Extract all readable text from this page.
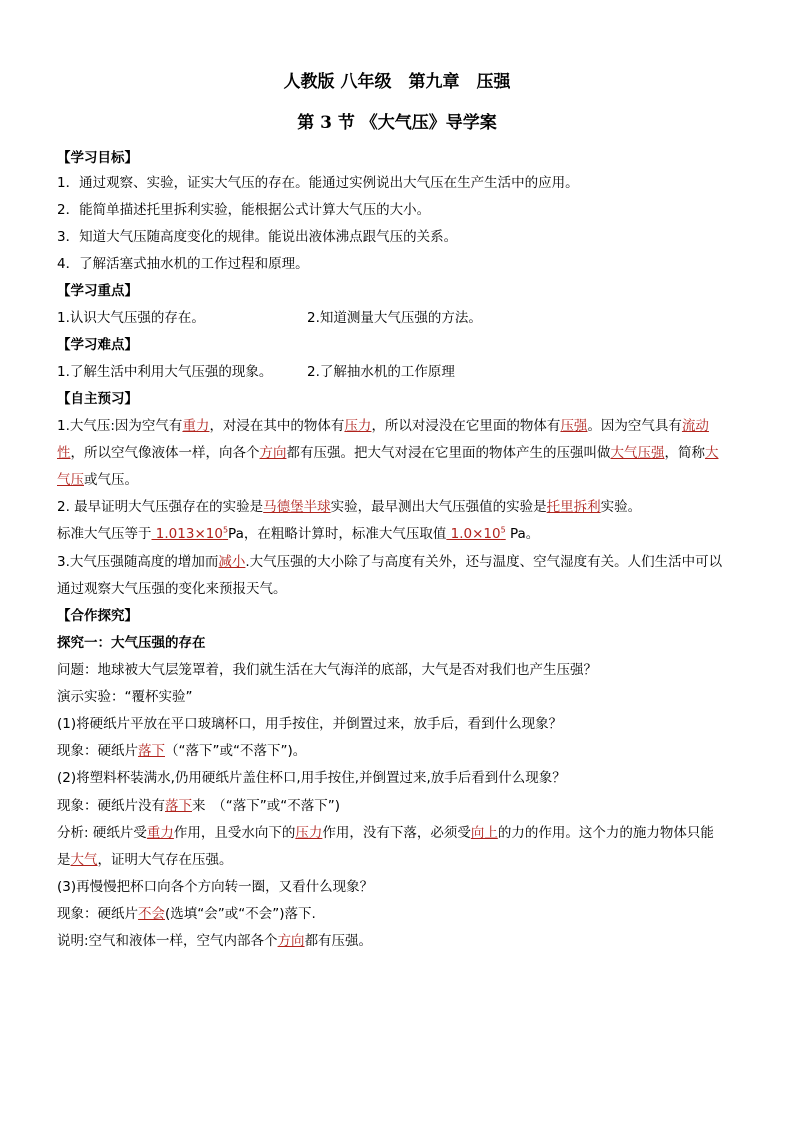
人教版 八年级　第九章　压强
第 3 节 《大气压》导学案
【学习目标】
1．通过观察、实验，证实大气压的存在。能通过实例说出大气压在生产生活中的应用。
2．能简单描述托里拆利实验，能根据公式计算大气压的大小。
3．知道大气压随高度变化的规律。能说出液体沸点跟气压的关系。
4．了解活塞式抽水机的工作过程和原理。
【学习重点】
1.认识大气压强的存在。	2.知道测量大气压强的方法。
【学习难点】
1.了解生活中利用大气压强的现象。	2.了解抽水机的工作原理
【自主预习】
1.大气压:因为空气有重力，对浸在其中的物体有压力，所以对浸没在它里面的物体有压强。因为空气具有流动
性，所以空气像液体一样，向各个方向都有压强。把大气对浸在它里面的物体产生的压强叫做大气压强，简称大
气压或气压。
2. 最早证明大气压强存在的实验是马德堡半球实验，最早测出大气压强值的实验是托里拆利实验。
标准大气压等于 $1.013\times 10^5Pa$，在粗略计算时，标准大气压取值 $1.0\times 10^5$ Pa。
3.大气压强随高度的增加而减小.大气压强的大小除了与高度有关外，还与温度、空气湿度有关。人们生活中可以
通过观察大气压强的变化来预报天气。
【合作探究】
探究一：大气压强的存在
问题：地球被大气层笼罩着，我们就生活在大气海洋的底部，大气是否对我们也产生压强？
演示实验：“覆杯实验”
(1)将硬纸片平放在平口玻璃杯口，用手按住，并倒置过来，放手后，看到什么现象？
现象：硬纸片落下（“落下”或“不落下”)。
(2)将塑料杯装满水,仍用硬纸片盖住杯口,用手按住,并倒置过来,放手后看到什么现象？
现象：硬纸片没有落下来　（“落下”或“不落下”)
分析: 硬纸片受重力作用，且受水向下的压力作用，没有下落，必须受向上的力的作用。这个力的施力物体只能
是大气，证明大气存在压强。
(3)再慢慢把杯口向各个方向转一圈，又看什么现象？
现象：硬纸片不会(选填“会”或“不会”)落下.
说明:空气和液体一样，空气内部各个方向都有压强。
